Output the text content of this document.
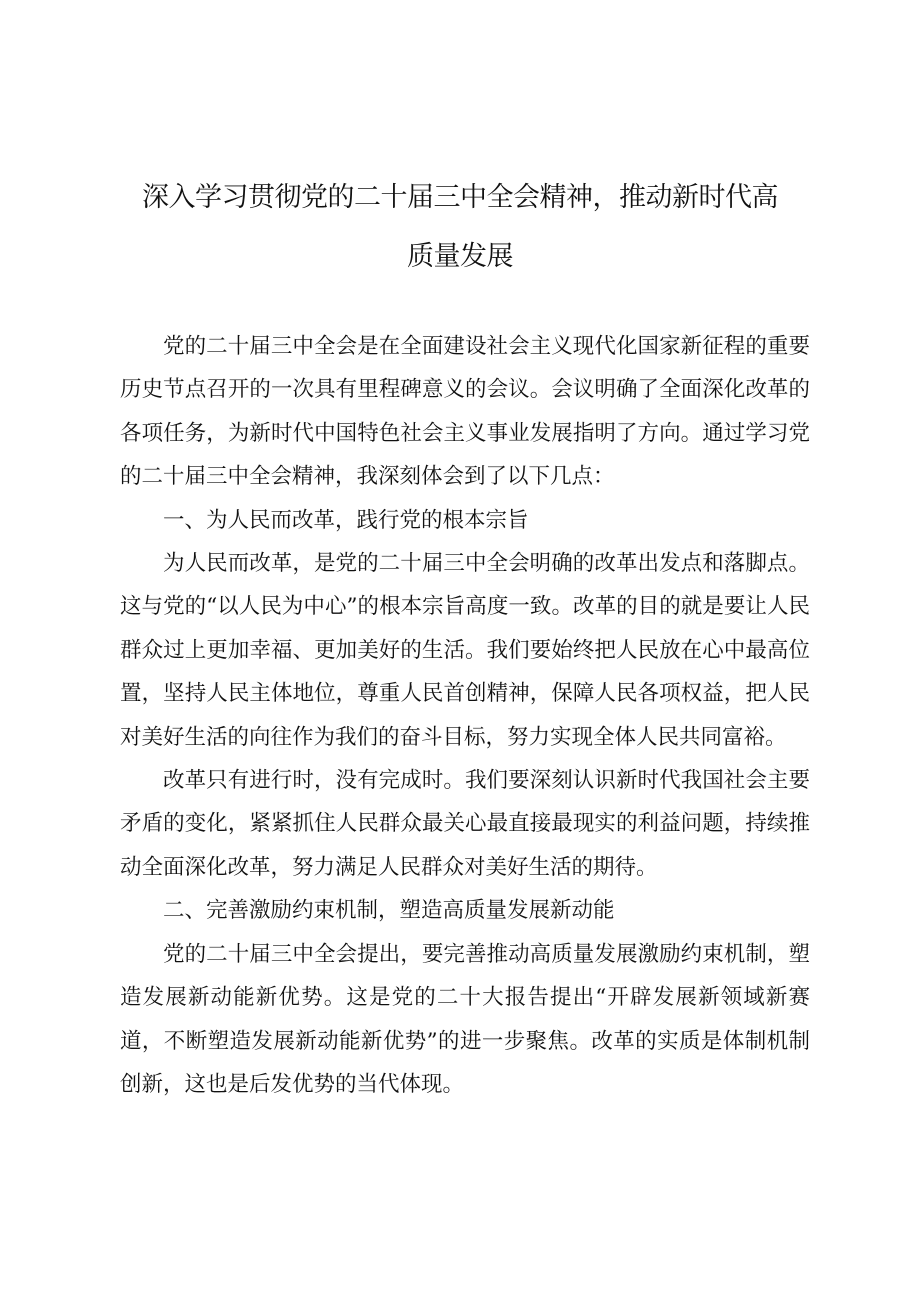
深入学习贯彻党的二十届三中全会精神，推动新时代高
质量发展

党的二十届三中全会是在全面建设社会主义现代化国家新征程的重要历史节点召开的一次具有里程碑意义的会议。会议明确了全面深化改革的各项任务，为新时代中国特色社会主义事业发展指明了方向。通过学习党的二十届三中全会精神，我深刻体会到了以下几点：

一、为人民而改革，践行党的根本宗旨

为人民而改革，是党的二十届三中全会明确的改革出发点和落脚点。这与党的“以人民为中心”的根本宗旨高度一致。改革的目的就是要让人民群众过上更加幸福、更加美好的生活。我们要始终把人民放在心中最高位置，坚持人民主体地位，尊重人民首创精神，保障人民各项权益，把人民对美好生活的向往作为我们的奋斗目标，努力实现全体人民共同富裕。

改革只有进行时，没有完成时。我们要深刻认识新时代我国社会主要矛盾的变化，紧紧抓住人民群众最关心最直接最现实的利益问题，持续推动全面深化改革，努力满足人民群众对美好生活的期待。

二、完善激励约束机制，塑造高质量发展新动能

党的二十届三中全会提出，要完善推动高质量发展激励约束机制，塑造发展新动能新优势。这是党的二十大报告提出“开辟发展新领域新赛道，不断塑造发展新动能新优势”的进一步聚焦。改革的实质是体制机制创新，这也是后发优势的当代体现。
